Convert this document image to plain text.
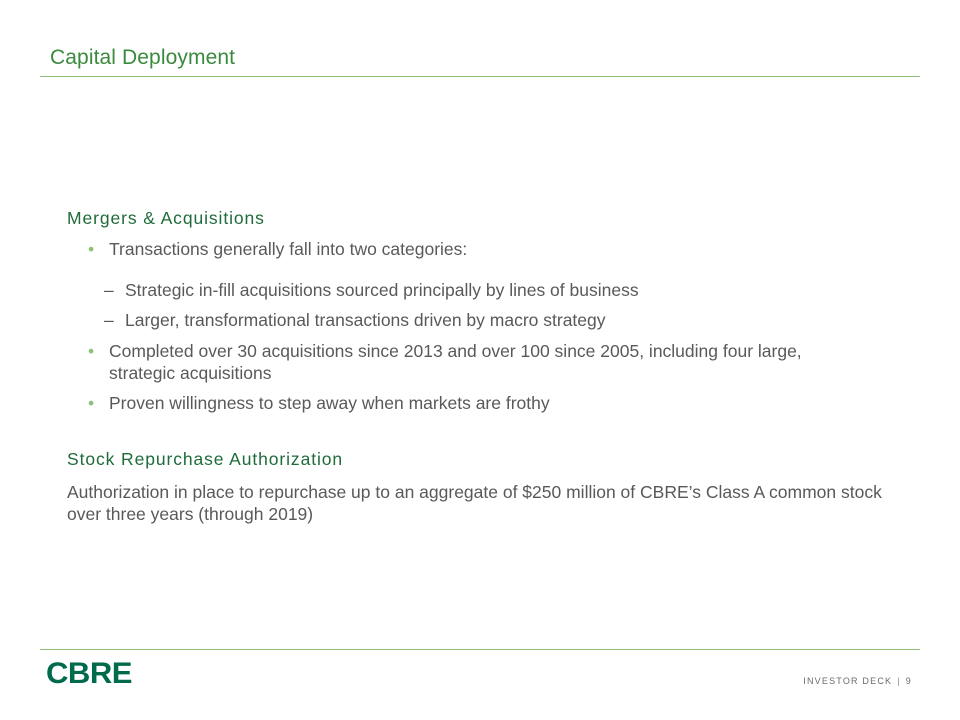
Capital Deployment
Mergers & Acquisitions
• Transactions generally fall into two categories:
– Strategic in-fill acquisitions sourced principally by lines of business
– Larger, transformational transactions driven by macro strategy
• Completed over 30 acquisitions since 2013 and over 100 since 2005, including four large, strategic acquisitions
• Proven willingness to step away when markets are frothy
Stock Repurchase Authorization
Authorization in place to repurchase up to an aggregate of $250 million of CBRE’s Class A common stock over three years (through 2019)
CBRE	INVESTOR DECK | 9
